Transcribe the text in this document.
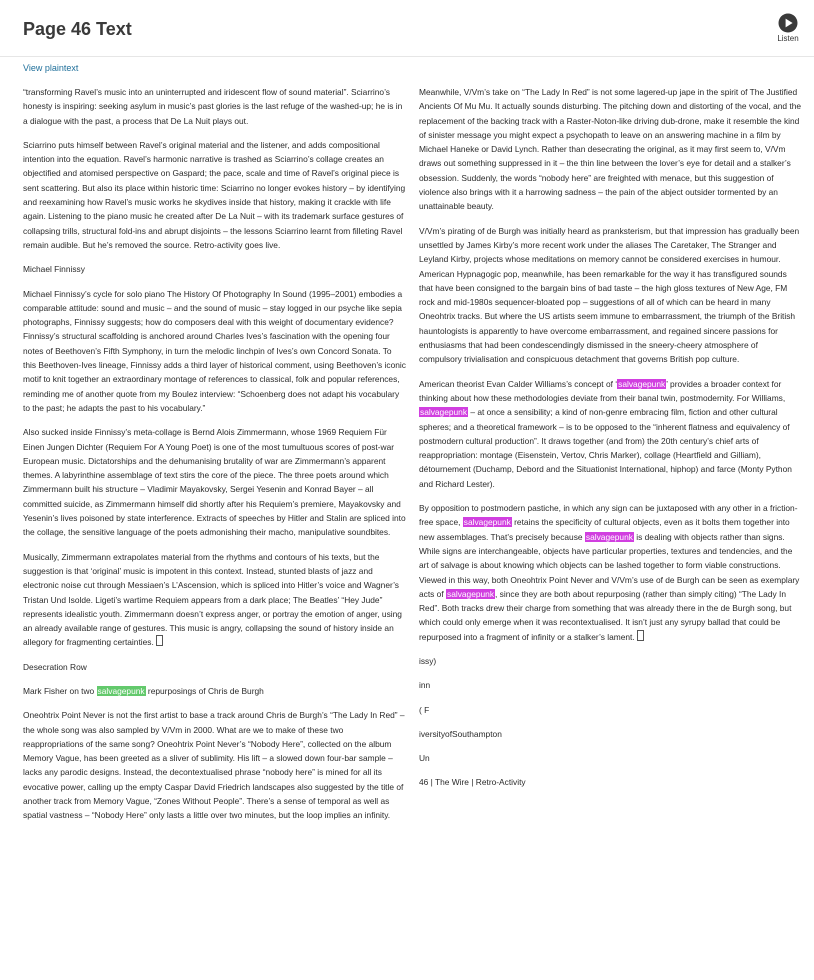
Page 46 Text	Listen
View plaintext

“transforming Ravel’s music into an uninterrupted and iridescent flow of sound material”. Sciarrino’s honesty is inspiring: seeking asylum in music’s past glories is the last refuge of the washed-up; he is in a dialogue with the past, a process that De La Nuit plays out.

Sciarrino puts himself between Ravel’s original material and the listener, and adds compositional intention into the equation. Ravel’s harmonic narrative is trashed as Sciarrino’s collage creates an objectified and atomised perspective on Gaspard; the pace, scale and time of Ravel’s original piece is sent scattering. But also its place within historic time: Sciarrino no longer evokes history – by identifying and reexamining how Ravel’s music works he skydives inside that history, making it crackle with life again. Listening to the piano music he created after De La Nuit – with its trademark surface gestures of collapsing trills, structural fold-ins and abrupt disjoints – the lessons Sciarrino learnt from filleting Ravel remain audible. But he’s removed the source. Retro-activity goes live.

Michael Finnissy

Michael Finnissy’s cycle for solo piano The History Of Photography In Sound (1995–2001) embodies a comparable attitude: sound and music – and the sound of music – stay logged in our psyche like sepia photographs, Finnissy suggests; how do composers deal with this weight of documentary evidence? Finnissy’s structural scaffolding is anchored around Charles Ives’s fascination with the opening four notes of Beethoven’s Fifth Symphony, in turn the melodic linchpin of Ives’s own Concord Sonata. To this Beethoven-Ives lineage, Finnissy adds a third layer of historical comment, using Beethoven’s iconic motif to knit together an extraordinary montage of references to classical, folk and popular references, reminding me of another quote from my Boulez interview: “Schoenberg does not adapt his vocabulary to the past; he adapts the past to his vocabulary.”

Also sucked inside Finnissy’s meta-collage is Bernd Alois Zimmermann, whose 1969 Requiem Für Einen Jungen Dichter (Requiem For A Young Poet) is one of the most tumultuous scores of post-war European music. Dictatorships and the dehumanising brutality of war are Zimmermann’s apparent themes. A labyrinthine assemblage of text stirs the core of the piece. The three poets around which Zimmermann built his structure – Vladimir Mayakovsky, Sergei Yesenin and Konrad Bayer – all committed suicide, as Zimmermann himself did shortly after his Requiem’s premiere, Mayakovsky and Yesenin’s lives poisoned by state interference. Extracts of speeches by Hitler and Stalin are spliced into the collage, the sensitive language of the poets admonishing their macho, manipulative soundbites.

Musically, Zimmermann extrapolates material from the rhythms and contours of his texts, but the suggestion is that ‘original’ music is impotent in this context. Instead, stunted blasts of jazz and electronic noise cut through Messiaen’s L’Ascension, which is spliced into Hitler’s voice and Wagner’s Tristan Und Isolde. Ligeti’s wartime Requiem appears from a dark place; The Beatles’ “Hey Jude” represents idealistic youth. Zimmermann doesn’t express anger, or portray the emotion of anger, using an already available range of gestures. This music is angry, collapsing the sound of history inside an allegory for fragmenting certainties.

Desecration Row

Mark Fisher on two salvagepunk repurposings of Chris de Burgh

Oneohtrix Point Never is not the first artist to base a track around Chris de Burgh’s “The Lady In Red” – the whole song was also sampled by V/Vm in 2000. What are we to make of these two reappropriations of the same song? Oneohtrix Point Never’s “Nobody Here”, collected on the album Memory Vague, has been greeted as a sliver of sublimity. His lift – a slowed down four-bar sample – lacks any parodic designs. Instead, the decontextualised phrase “nobody here” is mined for all its evocative power, calling up the empty Caspar David Friedrich landscapes also suggested by the title of another track from Memory Vague, “Zones Without People”. There’s a sense of temporal as well as spatial vastness – “Nobody Here” only lasts a little over two minutes, but the loop implies an infinity.

Meanwhile, V/Vm’s take on “The Lady In Red” is not some lagered-up jape in the spirit of The Justified Ancients Of Mu Mu. It actually sounds disturbing. The pitching down and distorting of the vocal, and the replacement of the backing track with a Raster-Noton-like driving dub-drone, make it resemble the kind of sinister message you might expect a psychopath to leave on an answering machine in a film by Michael Haneke or David Lynch. Rather than desecrating the original, as it may first seem to, V/Vm draws out something suppressed in it – the thin line between the lover’s eye for detail and a stalker’s obsession. Suddenly, the words “nobody here” are freighted with menace, but this suggestion of violence also brings with it a harrowing sadness – the pain of the abject outsider tormented by an unattainable beauty.

V/Vm’s pirating of de Burgh was initially heard as pranksterism, but that impression has gradually been unsettled by James Kirby’s more recent work under the aliases The Caretaker, The Stranger and Leyland Kirby, projects whose meditations on memory cannot be considered exercises in humour. American Hypnagogic pop, meanwhile, has been remarkable for the way it has transfigured sounds that have been consigned to the bargain bins of bad taste – the high gloss textures of New Age, FM rock and mid-1980s sequencer-bloated pop – suggestions of all of which can be heard in many Oneohtrix tracks. But where the US artists seem immune to embarrassment, the triumph of the British hauntologists is apparently to have overcome embarrassment, and regained sincere passions for enthusiasms that had been condescendingly dismissed in the sneery-cheery atmosphere of compulsory trivialisation and conspicuous detachment that governs British pop culture.

American theorist Evan Calder Williams’s concept of ‘salvagepunk’ provides a broader context for thinking about how these methodologies deviate from their banal twin, postmodernity. For Williams, salvagepunk – at once a sensibility; a kind of non-genre embracing film, fiction and other cultural spheres; and a theoretical framework – is to be opposed to the “inherent flatness and equivalency of postmodern cultural production”. It draws together (and from) the 20th century’s chief arts of reappropriation: montage (Eisenstein, Vertov, Chris Marker), collage (Heartfield and Gilliam), détournement (Duchamp, Debord and the Situationist International, hiphop) and farce (Monty Python and Richard Lester).

By opposition to postmodern pastiche, in which any sign can be juxtaposed with any other in a friction-free space, salvagepunk retains the specificity of cultural objects, even as it bolts them together into new assemblages. That’s precisely because salvagepunk is dealing with objects rather than signs. While signs are interchangeable, objects have particular properties, textures and tendencies, and the art of salvage is about knowing which objects can be lashed together to form viable constructions. Viewed in this way, both Oneohtrix Point Never and V/Vm’s use of de Burgh can be seen as exemplary acts of salvagepunk, since they are both about repurposing (rather than simply citing) “The Lady In Red”. Both tracks drew their charge from something that was already there in the de Burgh song, but which could only emerge when it was recontextualised. It isn’t just any syrupy ballad that could be repurposed into a fragment of infinity or a stalker’s lament.

issy)

inn

( F

iversityofSouthampton

Un

46 | The Wire | Retro-Activity
